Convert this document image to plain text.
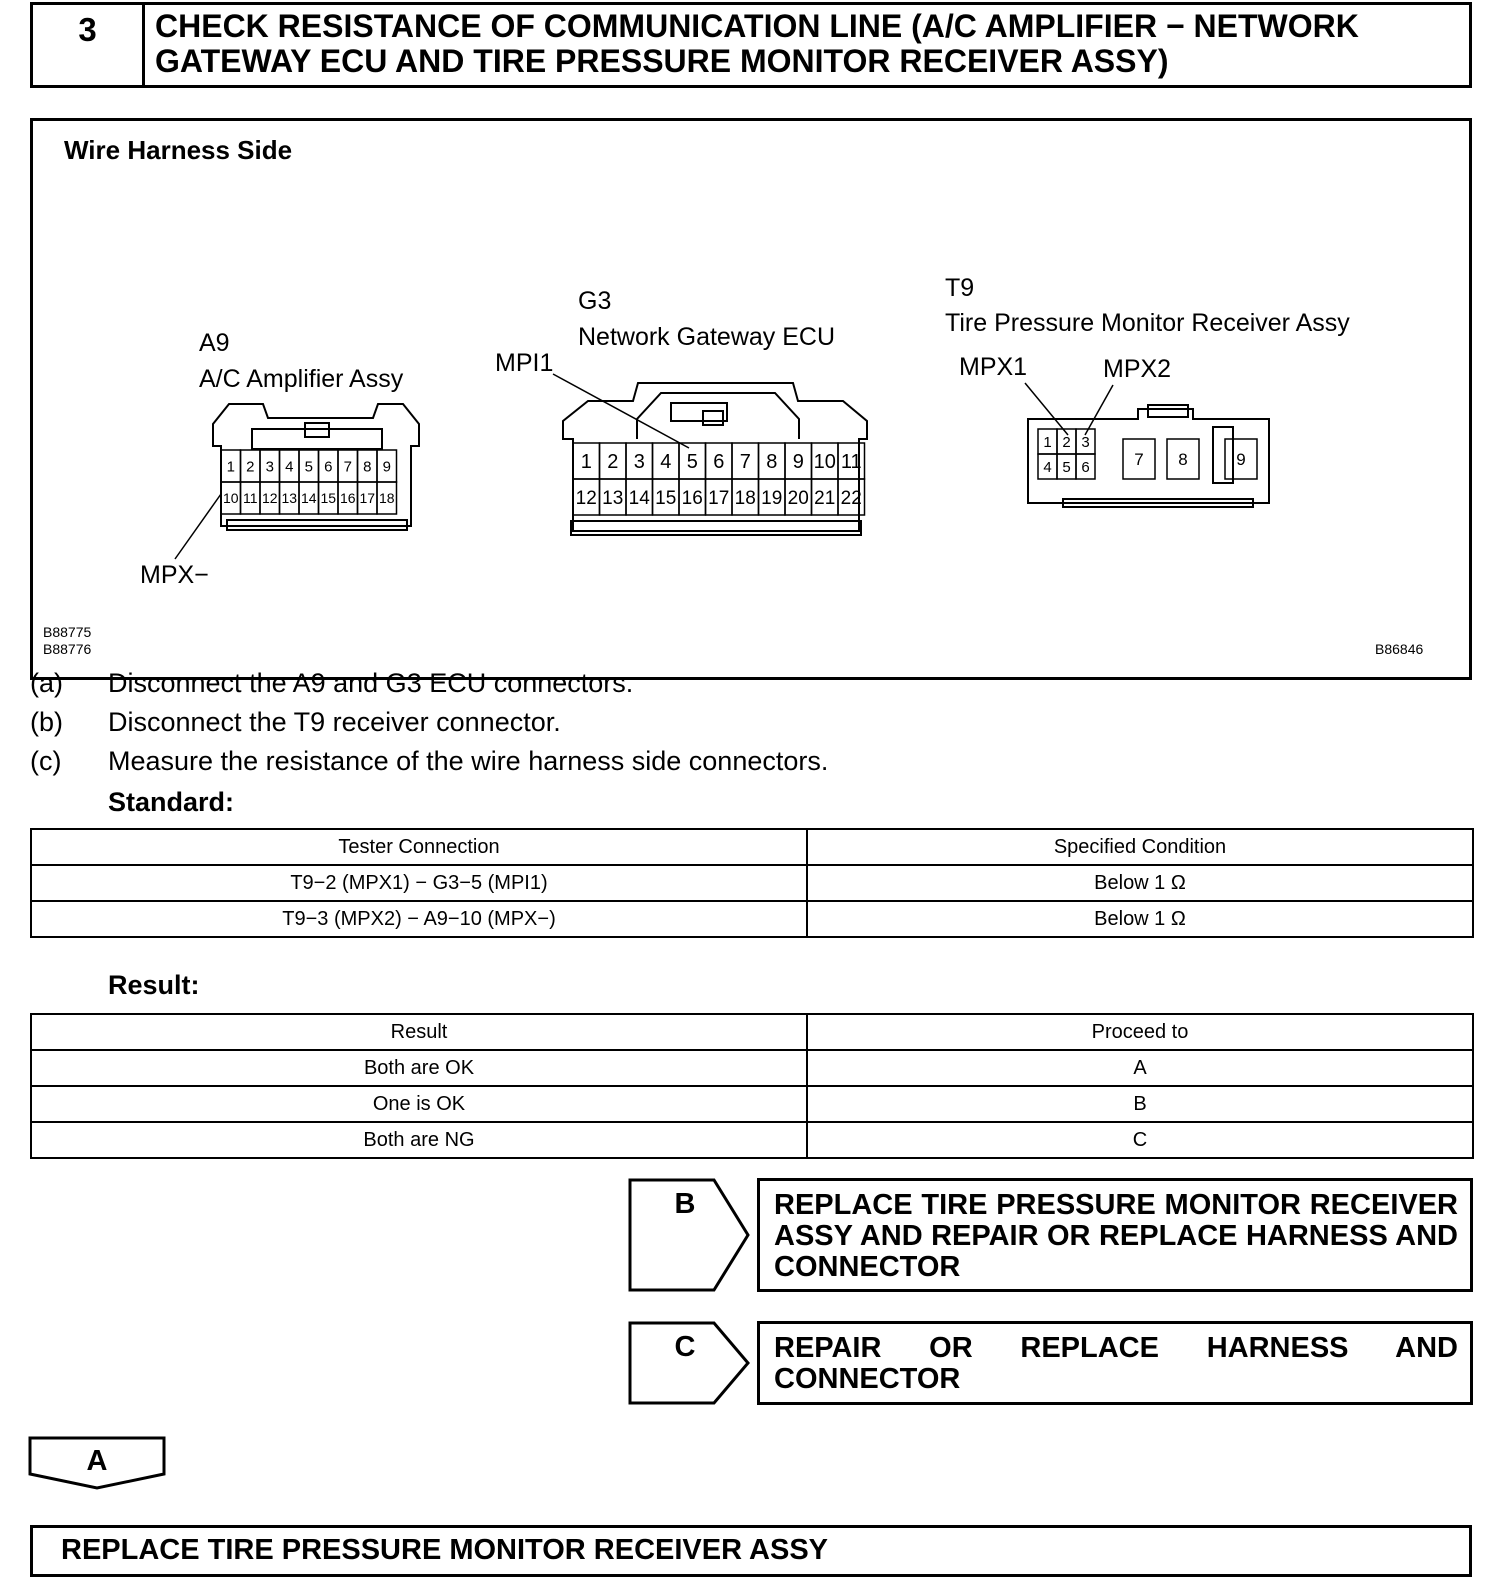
3	CHECK RESISTANCE OF COMMUNICATION LINE (A/C AMPLIFIER − NETWORK GATEWAY ECU AND TIRE PRESSURE MONITOR RECEIVER ASSY)
Wire Harness Side
B88775
B88776	B86846
A9
A/C Amplifier Assy
MPX−
1 2 3 4 5 6 7 8 9
10 11 12 13 14 15 16 17 18
G3
Network Gateway ECU
MPI1
1 2 3 4 5 6 7 8 9 10 11
12 13 14 15 16 17 18 19 20 21 22
T9
Tire Pressure Monitor Receiver Assy
MPX1	MPX2
1 2 3
4 5 6	7 8	9
(a) Disconnect the A9 and G3 ECU connectors.
(b) Disconnect the T9 receiver connector.
(c) Measure the resistance of the wire harness side connectors.
Standard:
Tester Connection	Specified Condition
T9−2 (MPX1) − G3−5 (MPI1)	Below 1 Ω
T9−3 (MPX2) − A9−10 (MPX−)	Below 1 Ω
Result:
Result	Proceed to
Both are OK	A
One is OK	B
Both are NG	C
B	REPLACE TIRE PRESSURE MONITOR RECEIVER ASSY AND REPAIR OR REPLACE HARNESS AND CONNECTOR
C	REPAIR OR REPLACE HARNESS AND CONNECTOR
A
REPLACE TIRE PRESSURE MONITOR RECEIVER ASSY
